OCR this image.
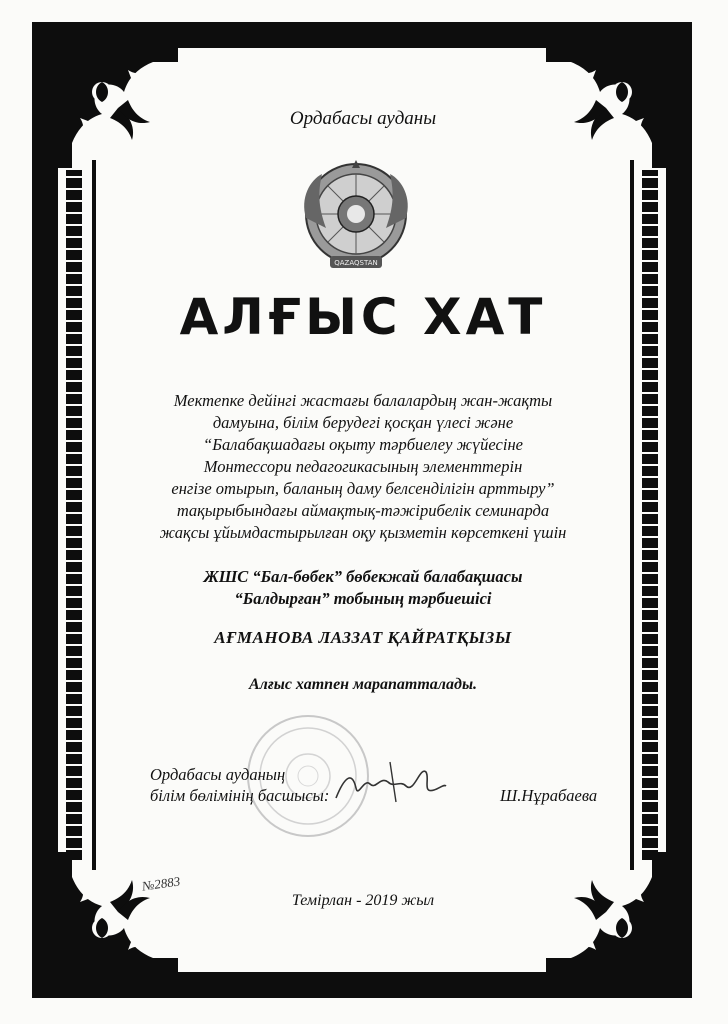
Ордабасы ауданы
QAZAQSTAN
АЛҒЫС ХАТ
Мектепке дейінгі жастағы балалардың жан-жақты
дамуына, білім берудегі қосқан үлесі және
“Балабақшадағы оқыту тәрбиелеу жүйесіне
Монтессори педагогикасының элементтерін
енгізе отырып, баланың даму белсенділігін арттыру”
тақырыбындағы аймақтық-тәжірибелік семинарда
жақсы ұйымдастырылған оқу қызметін көрсеткені үшін
ЖШС “Бал-бөбек” бөбекжай балабақшасы
“Балдырған” тобының тәрбиешісі
АҒМАНОВА ЛАЗЗАТ ҚАЙРАТҚЫЗЫ
Алғыс хатпен марапатталады.
Ордабасы ауданың
білім бөлімінің басшысы:	Ш.Нұрабаева
№2883
Темірлан - 2019 жыл
